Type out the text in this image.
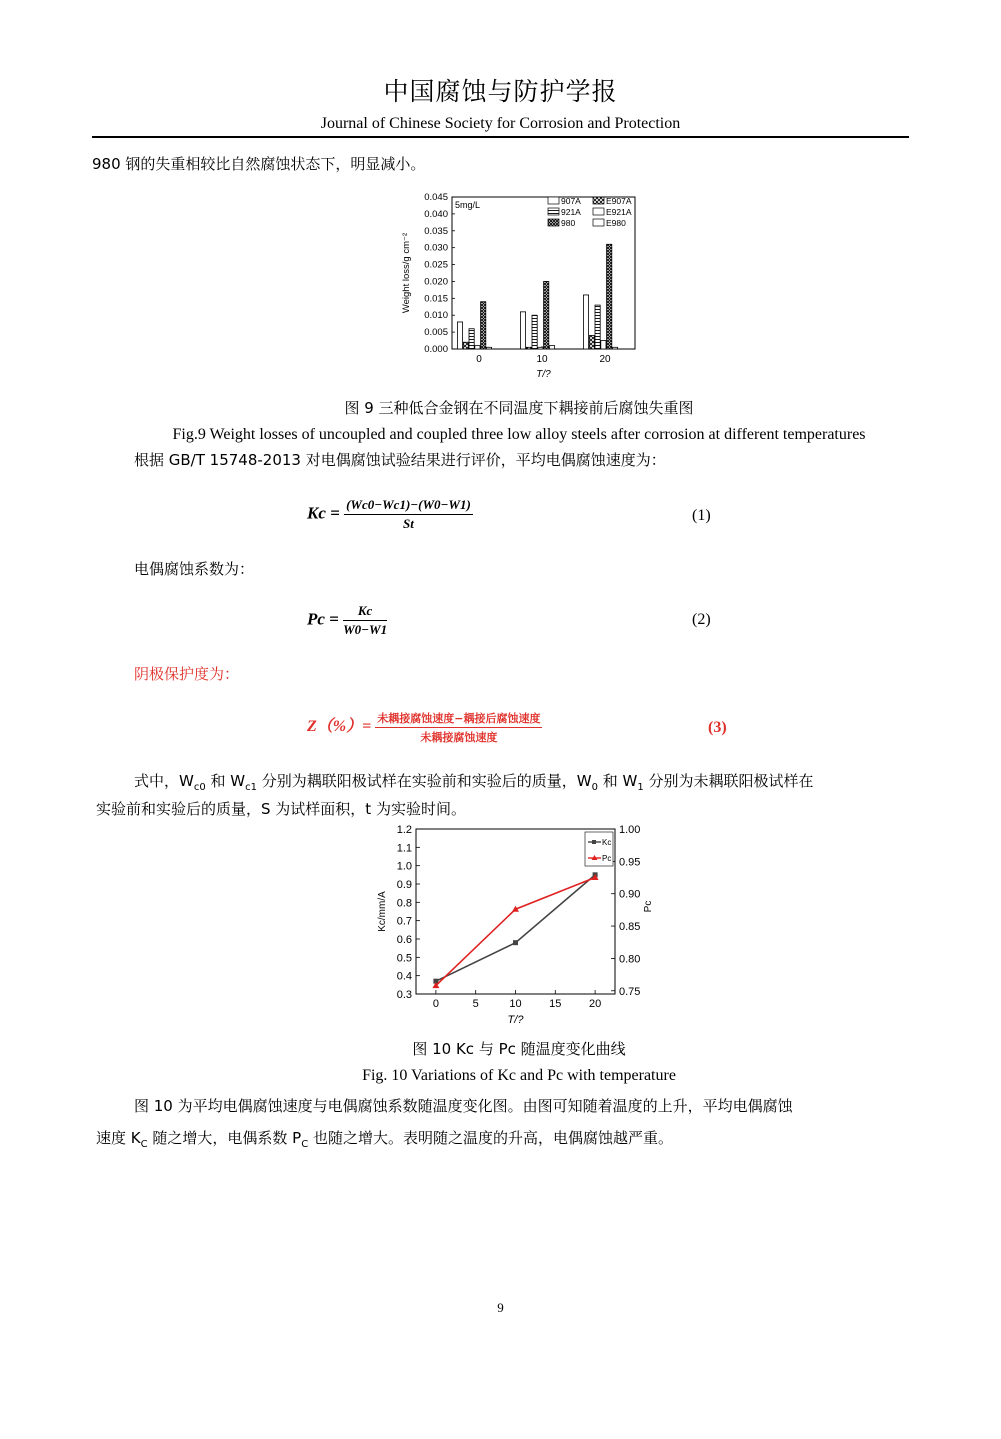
中国腐蚀与防护学报
Journal of Chinese Society for Corrosion and Protection
980 钢的失重相较比自然腐蚀状态下，明显减小。
0.000
0.005
0.010
0.015
0.020
0.025
0.030
0.035
0.040
0.045
0	10	20
T/?
Weight loss/g cm⁻²
5mg/L	907A	E907A
921A	E921A
980	E980
图 9 三种低合金钢在不同温度下耦接前后腐蚀失重图
Fig.9 Weight losses of uncoupled and coupled three low alloy steels after corrosion at different temperatures
根据 GB/T 15748-2013 对电偶腐蚀试验结果进行评价，平均电偶腐蚀速度为：
$Kc = \frac{(Wc0-Wc1)-(W0-W1)}{St}$	(1)
电偶腐蚀系数为：
$Pc = \frac{Kc}{W0-W1}$	(2)
阴极保护度为：
$Z(\%)= \frac{\text{未耦接腐蚀速度−耦接后腐蚀速度}}{\text{未耦接腐蚀速度}}$	(3)
式中，$W_{c0}$ 和 $W_{c1}$ 分别为耦联阳极试样在实验前和实验后的质量，$W_0$ 和 $W_1$ 分别为未耦联阳极试样在
实验前和实验后的质量，S 为试样面积，t 为实验时间。
0.3
0.4
0.5
0.6
0.7
0.8
0.9
1.0
1.1
1.2
0.75
0.80
0.85
0.90
0.95
1.00
0	5	10	15	20
Kc
Pc
T/?
Kc/mm/A	Pc
图 10 Kc 与 Pc 随温度变化曲线
Fig. 10 Variations of Kc and Pc with temperature
图 10 为平均电偶腐蚀速度与电偶腐蚀系数随温度变化图。由图可知随着温度的上升，平均电偶腐蚀
速度 $K_C$ 随之增大，电偶系数 $P_C$ 也随之增大。表明随之温度的升高，电偶腐蚀越严重。
9
